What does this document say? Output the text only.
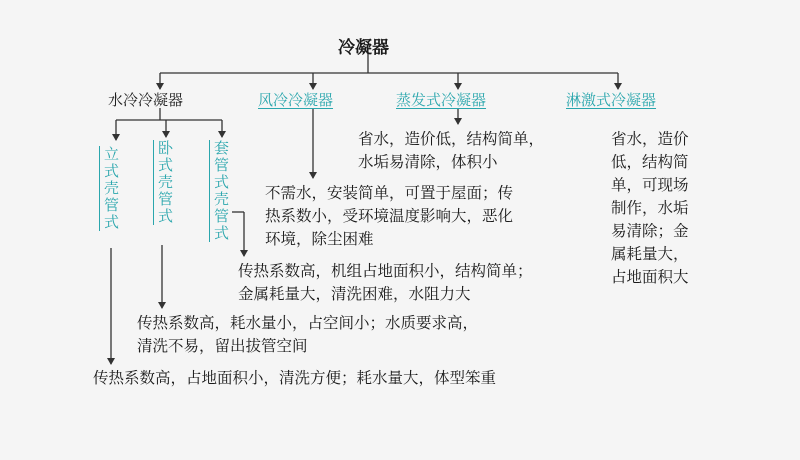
冷凝器
水冷冷凝器	风冷冷凝器	蒸发式冷凝器	淋激式冷凝器
立式壳管式 卧式壳管式	套管式壳管式
省水，造价低，结构简单，
水垢易清除，体积小
省水，造价
低，结构简
单，可现场
制作，水垢
易清除；金
属耗量大，
占地面积大
不需水，安装简单，可置于屋面；传
热系数小，受环境温度影响大，恶化
环境，除尘困难
传热系数高，机组占地面积小，结构简单；
金属耗量大，清洗困难，水阻力大
传热系数高，耗水量小，占空间小；水质要求高，
清洗不易，留出拔管空间
传热系数高，占地面积小，清洗方便；耗水量大，体型笨重
